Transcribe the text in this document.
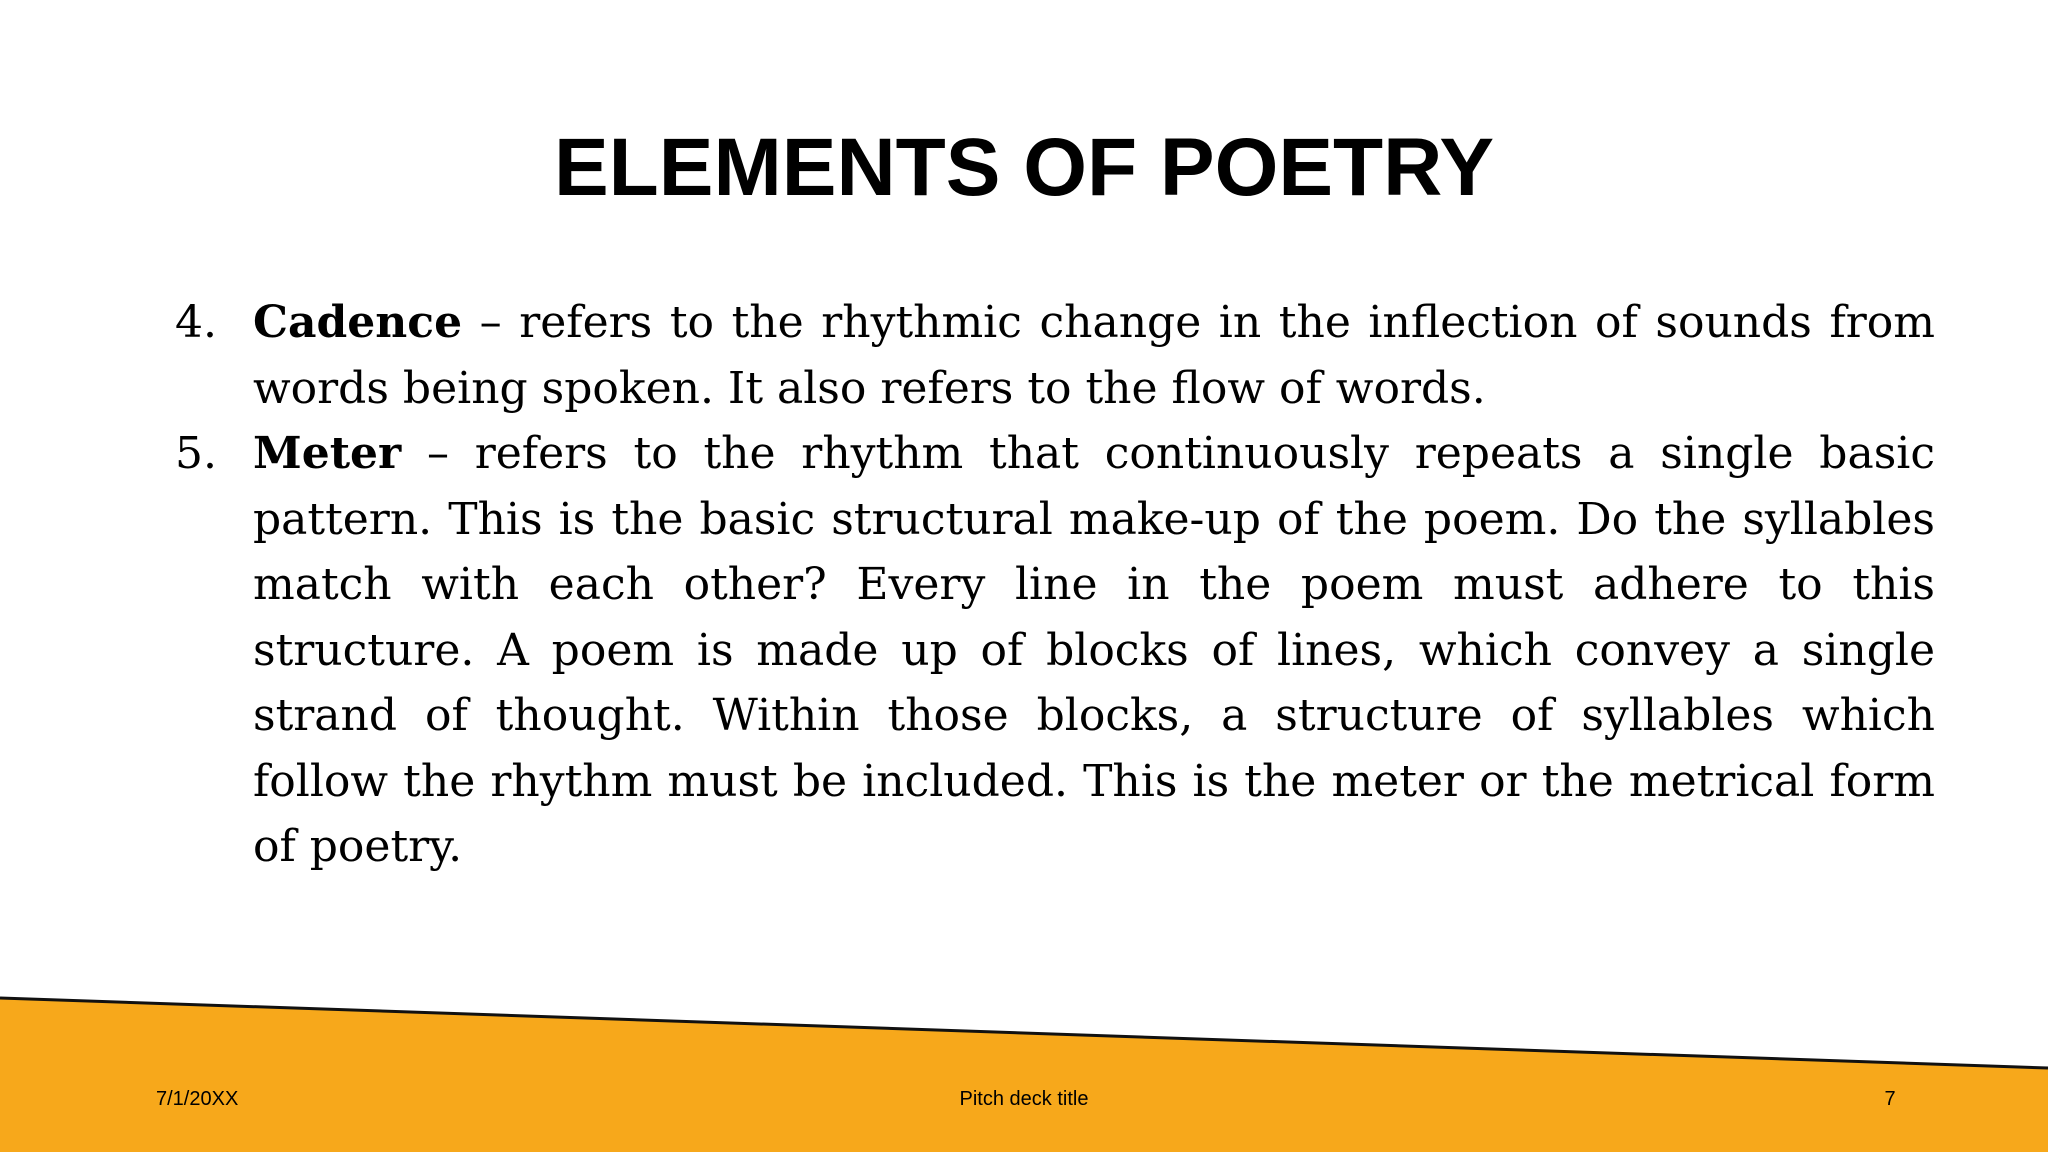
ELEMENTS OF POETRY
4. Cadence – refers to the rhythmic change in the inflection of sounds from words being spoken. It also refers to the flow of words.
5. Meter – refers to the rhythm that continuously repeats a single basic pattern. This is the basic structural make-up of the poem. Do the syllables match with each other? Every line in the poem must adhere to this structure. A poem is made up of blocks of lines, which convey a single strand of thought. Within those blocks, a structure of syllables which follow the rhythm must be included. This is the meter or the metrical form of poetry.
7/1/20XX	Pitch deck title	7
